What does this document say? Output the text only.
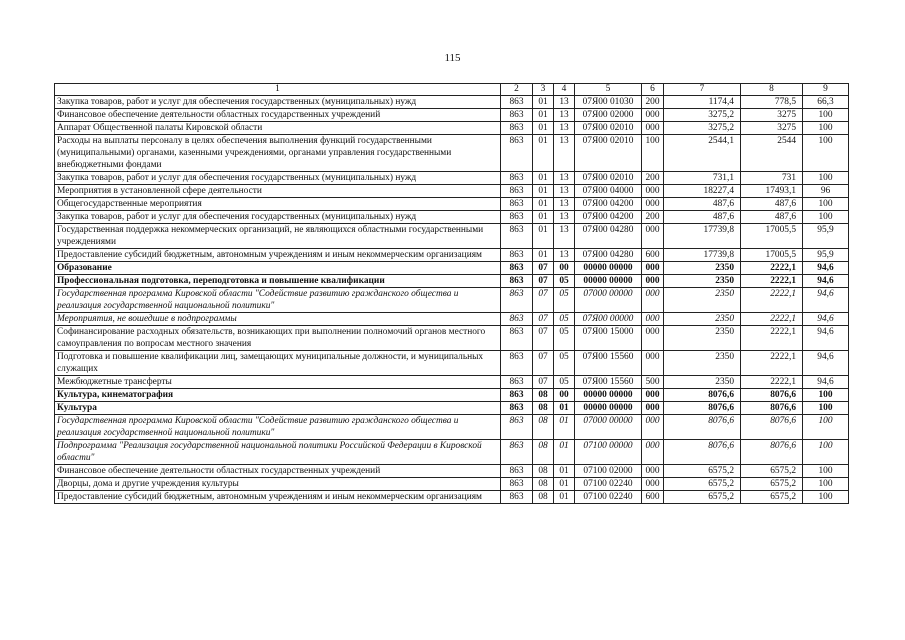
115
1	2	3	4	5	6	7	8	9
Закупка товаров, работ и услуг для обеспечения государственных (муниципальных) нужд	863	01	13	07Я00 01030	200	1174,4	778,5	66,3
Финансовое обеспечение деятельности областных государственных учреждений	863	01	13	07Я00 02000	000	3275,2	3275	100
Аппарат Общественной палаты Кировской области	863	01	13	07Я00 02010	000	3275,2	3275	100
Расходы на выплаты персоналу в целях обеспечения выполнения функций государственными (муниципальными) органами, казенными учреждениями, органами управления государственными внебюджетными фондами	863	01	13	07Я00 02010	100	2544,1	2544	100
Закупка товаров, работ и услуг для обеспечения государственных (муниципальных) нужд	863	01	13	07Я00 02010	200	731,1	731	100
Мероприятия в установленной сфере деятельности	863	01	13	07Я00 04000	000	18227,4	17493,1	96
Общегосударственные мероприятия	863	01	13	07Я00 04200	000	487,6	487,6	100
Закупка товаров, работ и услуг для обеспечения государственных (муниципальных) нужд	863	01	13	07Я00 04200	200	487,6	487,6	100
Государственная поддержка некоммерческих организаций, не являющихся областными государственными учреждениями	863	01	13	07Я00 04280	000	17739,8	17005,5	95,9
Предоставление субсидий бюджетным, автономным учреждениям и иным некоммерческим организациям	863	01	13	07Я00 04280	600	17739,8	17005,5	95,9
Образование	863	07	00	00000 00000	000	2350	2222,1	94,6
Профессиональная подготовка, переподготовка и повышение квалификации	863	07	05	00000 00000	000	2350	2222,1	94,6
Государственная программа Кировской области "Содействие развитию гражданского общества и реализация государственной национальной политики"	863	07	05	07000 00000	000	2350	2222,1	94,6
Мероприятия, не вошедшие в подпрограммы	863	07	05	07Я00 00000	000	2350	2222,1	94,6
Софинансирование расходных обязательств, возникающих при выполнении полномочий органов местного самоуправления по вопросам местного значения	863	07	05	07Я00 15000	000	2350	2222,1	94,6
Подготовка и повышение квалификации лиц, замещающих муниципальные должности, и муниципальных служащих	863	07	05	07Я00 15560	000	2350	2222,1	94,6
Межбюджетные трансферты	863	07	05	07Я00 15560	500	2350	2222,1	94,6
Культура, кинематография	863	08	00	00000 00000	000	8076,6	8076,6	100
Культура	863	08	01	00000 00000	000	8076,6	8076,6	100
Государственная программа Кировской области "Содействие развитию гражданского общества и реализация государственной национальной политики"	863	08	01	07000 00000	000	8076,6	8076,6	100
Подпрограмма "Реализация государственной национальной политики Российской Федерации в Кировской области"	863	08	01	07100 00000	000	8076,6	8076,6	100
Финансовое обеспечение деятельности областных государственных учреждений	863	08	01	07100 02000	000	6575,2	6575,2	100
Дворцы, дома и другие учреждения культуры	863	08	01	07100 02240	000	6575,2	6575,2	100
Предоставление субсидий бюджетным, автономным учреждениям и иным некоммерческим организациям	863	08	01	07100 02240	600	6575,2	6575,2	100
